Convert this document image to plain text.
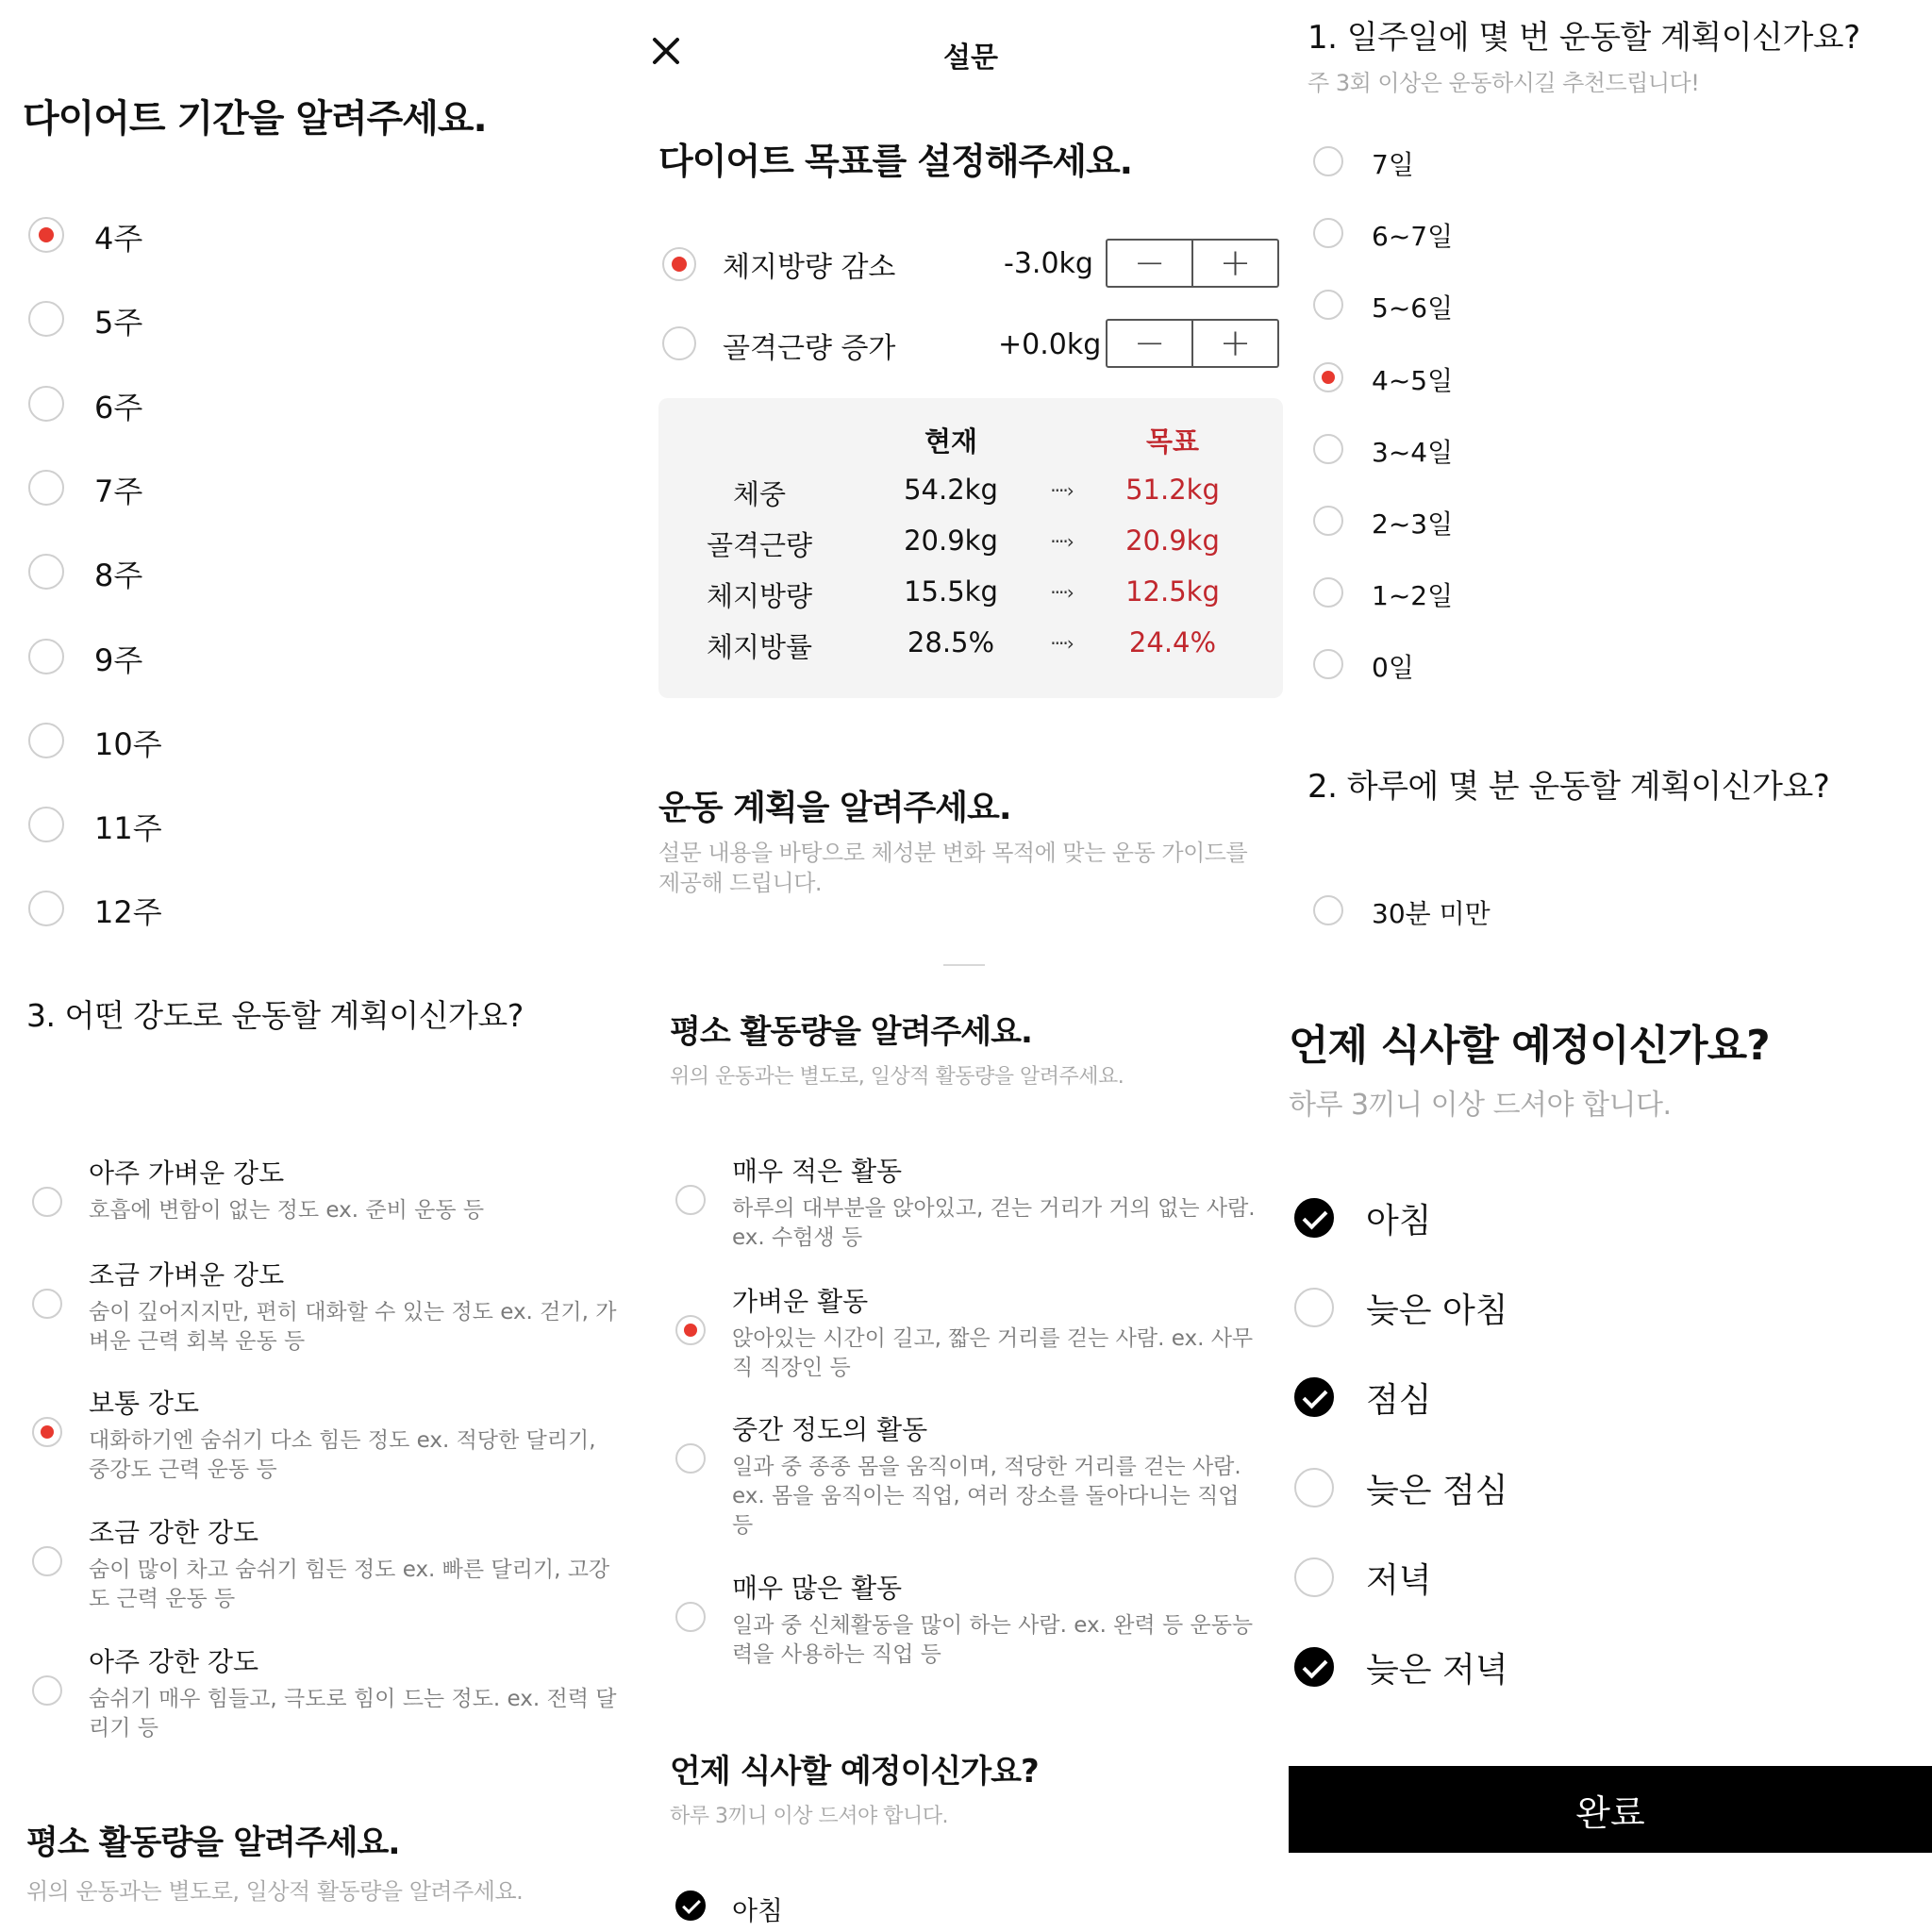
다이어트 기간을 알려주세요.
4주
5주
6주
7주
8주
9주
10주
11주
12주
3. 어떤 강도로 운동할 계획이신가요?
아주 가벼운 강도
호흡에 변함이 없는 정도 ex. 준비 운동 등
조금 가벼운 강도
숨이 깊어지지만, 편히 대화할 수 있는 정도 ex. 걷기, 가벼운 근력 회복 운동 등
보통 강도
대화하기엔 숨쉬기 다소 힘든 정도 ex. 적당한 달리기, 중강도 근력 운동 등
조금 강한 강도
숨이 많이 차고 숨쉬기 힘든 정도 ex. 빠른 달리기, 고강도 근력 운동 등
아주 강한 강도
숨쉬기 매우 힘들고, 극도로 힘이 드는 정도. ex. 전력 달리기 등
평소 활동량을 알려주세요.
위의 운동과는 별도로, 일상적 활동량을 알려주세요.
설문
다이어트 목표를 설정해주세요.
체지방량 감소	-3.0kg	−	+
골격근량 증가	+0.0kg −	+
현재	목표
체중	54.2kg	····› 51.2kg
골격근량	20.9kg	····› 20.9kg
체지방량	15.5kg	····› 12.5kg
체지방률	28.5%	····› 24.4%
운동 계획을 알려주세요.
설문 내용을 바탕으로 체성분 변화 목적에 맞는 운동 가이드를 제공해 드립니다.
평소 활동량을 알려주세요.
위의 운동과는 별도로, 일상적 활동량을 알려주세요.
매우 적은 활동
하루의 대부분을 앉아있고, 걷는 거리가 거의 없는 사람. ex. 수험생 등
가벼운 활동
앉아있는 시간이 길고, 짧은 거리를 걷는 사람. ex. 사무직 직장인 등
중간 정도의 활동
일과 중 종종 몸을 움직이며, 적당한 거리를 걷는 사람. ex. 몸을 움직이는 직업, 여러 장소를 돌아다니는 직업 등
매우 많은 활동
일과 중 신체활동을 많이 하는 사람. ex. 완력 등 운동능력을 사용하는 직업 등
언제 식사할 예정이신가요?
하루 3끼니 이상 드셔야 합니다.
아침
1. 일주일에 몇 번 운동할 계획이신가요?
주 3회 이상은 운동하시길 추천드립니다!
7일
6~7일
5~6일
4~5일
3~4일
2~3일
1~2일
0일
2. 하루에 몇 분 운동할 계획이신가요?
30분 미만
언제 식사할 예정이신가요?
하루 3끼니 이상 드셔야 합니다.
아침
늦은 아침
점심
늦은 점심
저녁
늦은 저녁
완료
